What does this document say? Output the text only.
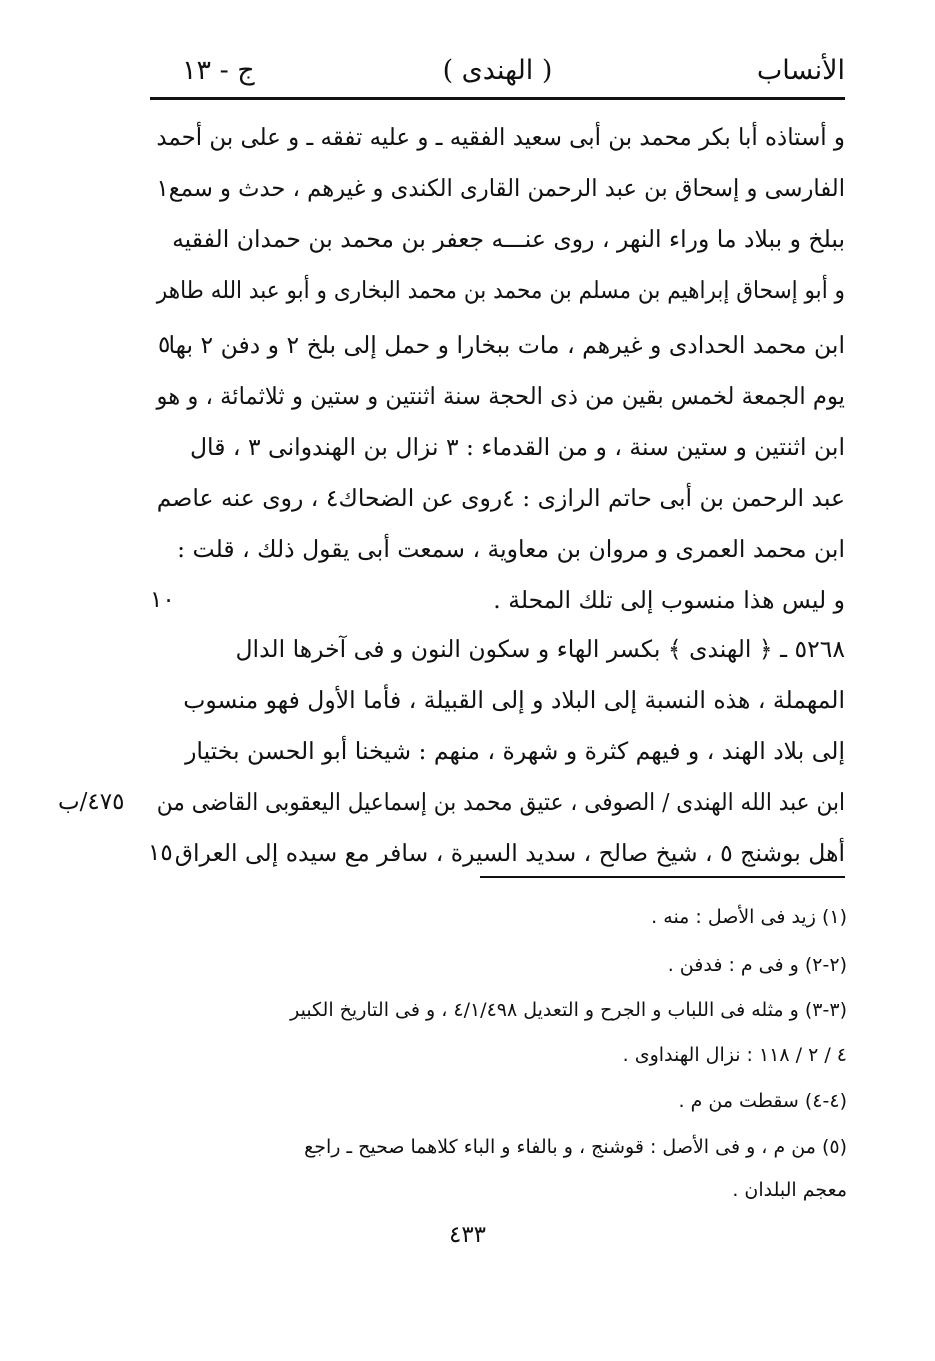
الأنساب
( الهندى )
ج - ١٣
و أستاذه أبا بكر محمد بن أبى سعيد الفقيه ـ و عليه تفقه ـ و على بن أحمد
الفارسى و إسحاق بن عبد الرحمن القارى الكندى و غيرهم ، حدث و سمع١
ببلخ و ببلاد ما وراء النهر ، روى عنـــه جعفر بن محمد بن حمدان الفقيه
و أبو إسحاق إبراهيم بن مسلم بن محمد بن محمد البخارى و أبو عبد الله طاهر
ابن محمد الحدادى و غيرهم ، مات ببخارا و حمل إلى بلخ ٢ و دفن ٢ بها
يوم الجمعة لخمس بقين من ذى الحجة سنة اثنتين و ستين و ثلاثمائة ، و هو
ابن اثنتين و ستين سنة ، و من القدماء : ٣ نزال بن الهندوانى ٣ ، قال
عبد الرحمن بن أبى حاتم الرازى : ٤روى عن الضحاك٤ ، روى عنه عاصم
ابن محمد العمرى و مروان بن معاوية ، سمعت أبى يقول ذلك ، قلت :
و ليس هذا منسوب إلى تلك المحلة .
٥٢٦٨ ـ ﴿ الهندى ﴾ بكسر الهاء و سكون النون و فى آخرها الدال
المهملة ، هذه النسبة إلى البلاد و إلى القبيلة ، فأما الأول فهو منسوب
إلى بلاد الهند ، و فيهم كثرة و شهرة ، منهم : شيخنا أبو الحسن بختيار
ابن عبد الله الهندى / الصوفى ، عتيق محمد بن إسماعيل اليعقوبى القاضى من
أهل بوشنج ٥ ، شيخ صالح ، سديد السيرة ، سافر مع سيده إلى العراق
٥
١٠
٤٧٥/ب
١٥
(١) زيد فى الأصل : منه .
(٢-٢) و فى م : فدفن .
(٣-٣) و مثله فى اللباب و الجرح و التعديل ٤/١/٤٩٨ ، و فى التاريخ الكبير
٤ / ٢ / ١١٨ : نزال الهنداوى .
(٤-٤) سقطت من م .
(٥) من م ، و فى الأصل : قوشنج ، و بالفاء و الباء كلاهما صحيح ـ راجع
معجم البلدان .
٤٣٣
